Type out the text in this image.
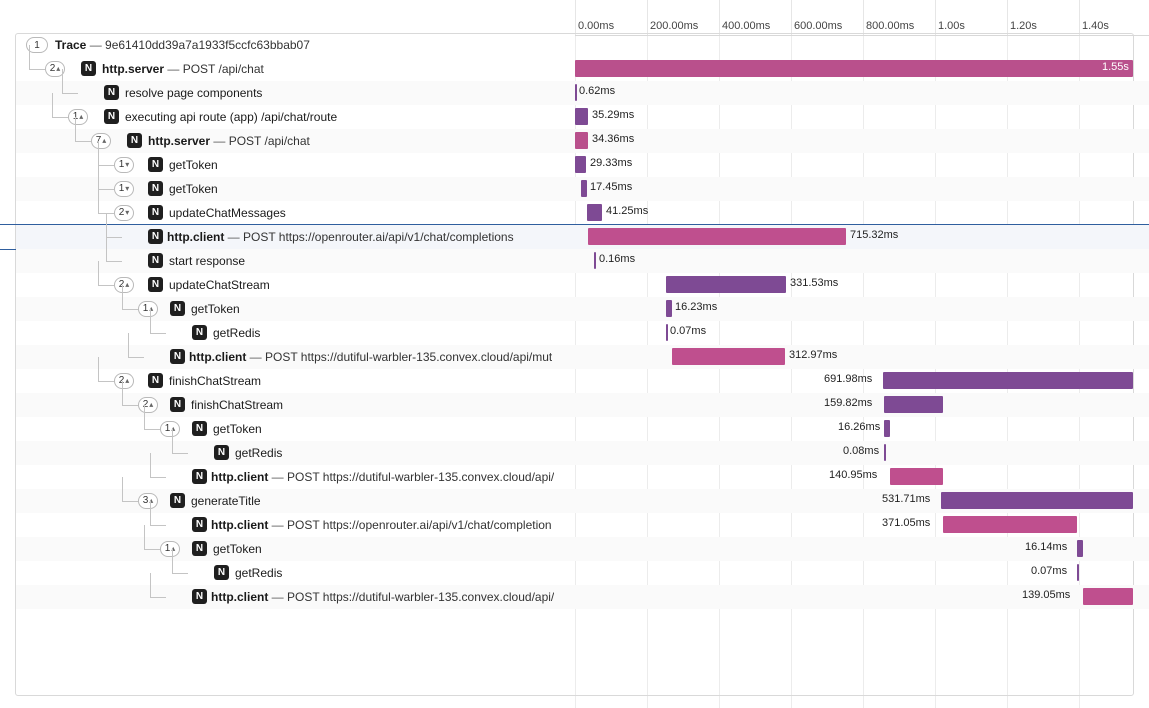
0.00ms	200.00ms 400.00ms 600.00ms 800.00ms 1.00s	1.20s	1.40s
1	Trace — 9e61410dd39a7a1933f5ccfc63bbab07
2 ▴	N http.server — POST /api/chat	1.55s
N resolve page components	0.62ms
1 ▴	N executing api route (app) /api/chat/route	35.29ms
7 ▴	N http.server — POST /api/chat	34.36ms
1 ▾	N getToken	29.33ms
1 ▾	N getToken	17.45ms
2 ▾	N updateChatMessages	41.25ms
N http.client — POST https://openrouter.ai/api/v1/chat/completions	715.32ms
N start response	0.16ms
2 ▴	N updateChatStream	331.53ms
1 ▴	N getToken	16.23ms
N getRedis	0.07ms
N http.client — POST https://dutiful-warbler-135.convex.cloud/api/mut	312.97ms
2 ▴	N finishChatStream	691.98ms
2 ▴	N finishChatStream	159.82ms
1 ▴	N getToken	16.26ms
N getRedis	0.08ms
N http.client — POST https://dutiful-warbler-135.convex.cloud/api/	140.95ms
3 ▴	N generateTitle	531.71ms
N http.client — POST https://openrouter.ai/api/v1/chat/completion	371.05ms
1 ▴	N getToken	16.14ms
N getRedis	0.07ms
N http.client — POST https://dutiful-warbler-135.convex.cloud/api/	139.05ms
